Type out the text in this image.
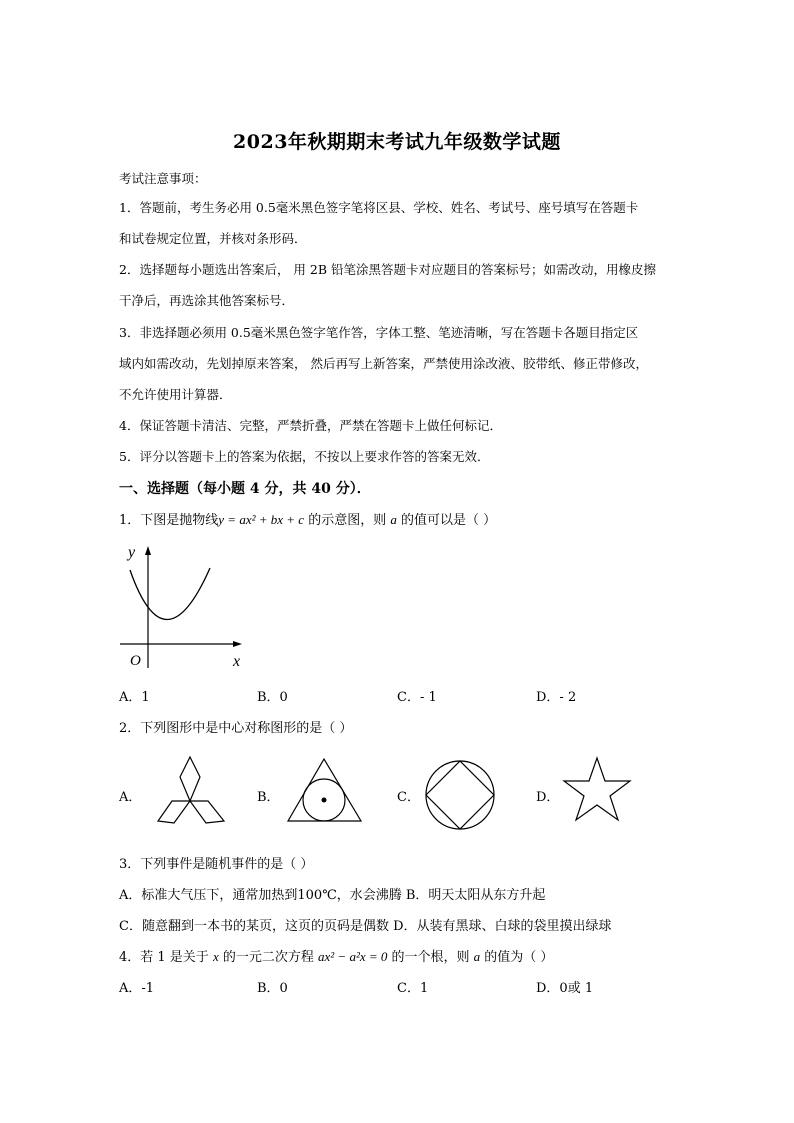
2023年秋期期末考试九年级数学试题
考试注意事项：
1．答题前，考生务必用 0.5毫米黑色签字笔将区县、学校、姓名、考试号、座号填写在答题卡
和试卷规定位置，并核对条形码．
2．选择题每小题选出答案后， 用 2B 铅笔涂黑答题卡对应题目的答案标号；如需改动，用橡皮擦
干净后，再选涂其他答案标号．
3．非选择题必须用 0.5毫米黑色签字笔作答，字体工整、笔迹清晰，写在答题卡各题目指定区
域内如需改动，先划掉原来答案， 然后再写上新答案，严禁使用涂改液、胶带纸、修正带修改，
不允许使用计算器．
4．保证答题卡清洁、完整，严禁折叠，严禁在答题卡上做任何标记．
5．评分以答题卡上的答案为依据，不按以上要求作答的答案无效．
一、选择题（每小题 4 分，共 40 分）．
1．下图是抛物线y = ax² + bx + c 的示意图，则 a 的值可以是（ ）
y
x
O
A．1	B．0	C．- 1	D．- 2
2．下列图形中是中心对称图形的是（ ）
A．	B．	C．	D．
3．下列事件是随机事件的是（ ）
A．标准大气压下，通常加热到100℃，水会沸腾 B．明天太阳从东方升起
C．随意翻到一本书的某页，这页的页码是偶数 D．从装有黑球、白球的袋里摸出绿球
4．若 1 是关于 x 的一元二次方程 ax² − a²x = 0 的一个根，则 a 的值为（ ）
A．-1	B．0	C．1	D．0或 1
